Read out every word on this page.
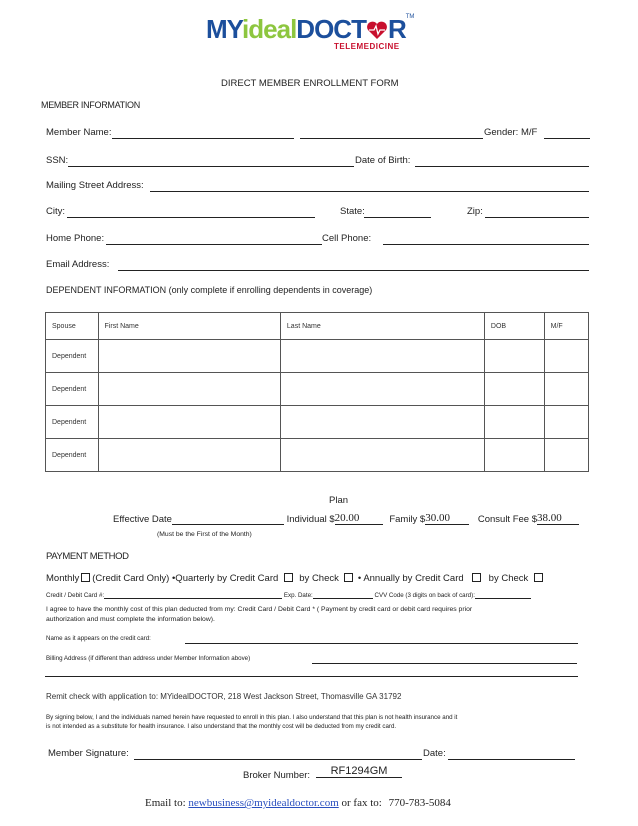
MYidealDOCT R™
TELEMEDICINE
DIRECT MEMBER ENROLLMENT FORM
MEMBER INFORMATION
Member Name:	Gender: M/F
SSN:	Date of Birth:
Mailing Street Address:
City:	State:	Zip:
Home Phone:	Cell Phone:
Email Address:
DEPENDENT INFORMATION (only complete if enrolling dependents in coverage)
Spouse	First Name	Last Name	DOB	M/F
Dependent				
Dependent				
Dependent				
Dependent				
Plan
Effective Date	Individual $20.00	Family $30.00	Consult Fee $38.00
(Must be the First of the Month)
PAYMENT METHOD
Monthly (Credit Card Only) •Quarterly by Credit Card by Check • Annually by Credit Card	by Check
Credit / Debit Card #:	Exp. Date:	CVV Code (3 digits on back of card):
I agree to have the monthly cost of this plan deducted from my: Credit Card / Debit Card * ( Payment by credit card or debit card requires prior
authorization and must complete the information below).
Name as it appears on the credit card:
Billing Address (if different than address under Member Information above)
Remit check with application to: MYidealDOCTOR, 218 West Jackson Street, Thomasville GA 31792
By signing below, I and the individuals named herein have requested to enroll in this plan. I also understand that this plan is not health insurance and it
is not intended as a substitute for health insurance. I also understand that the monthly cost will be deducted from my credit card.
Member Signature:	Date:
Broker Number:	RF1294GM
Email to: newbusiness@myidealdoctor.com or fax to: 770-783-5084
